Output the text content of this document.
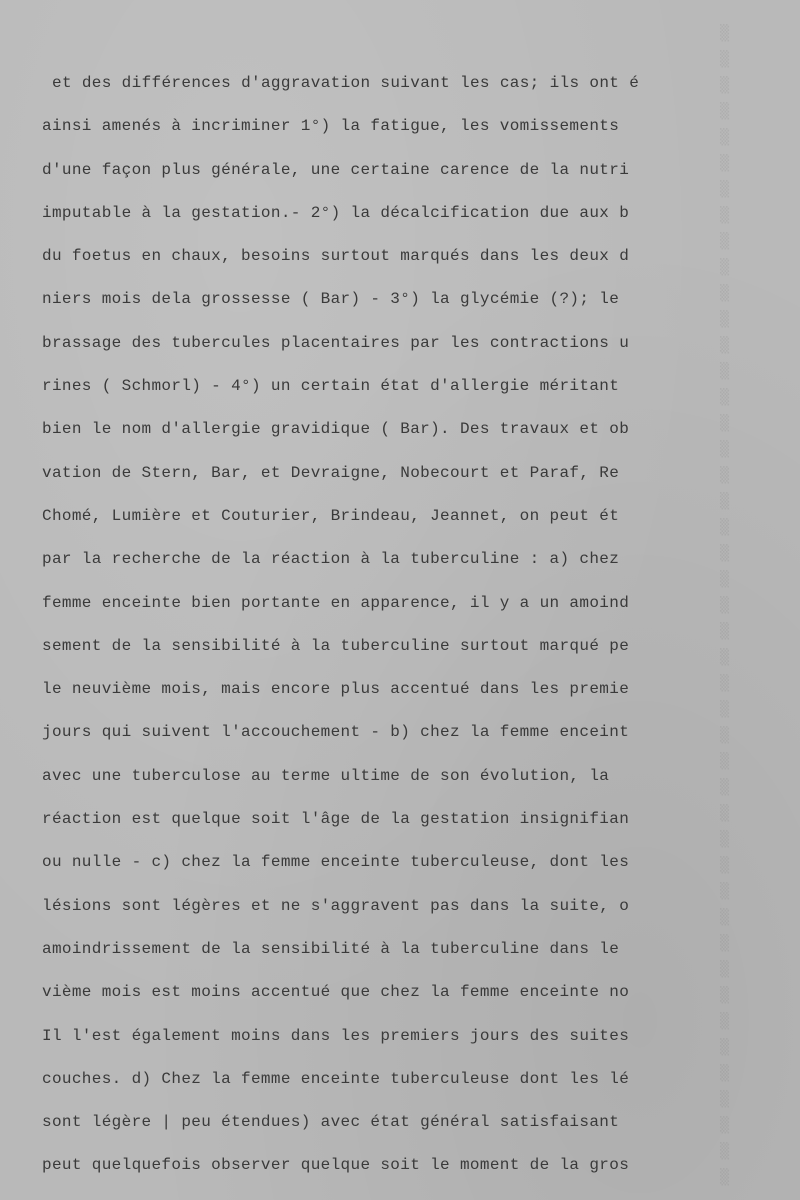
▒
▒
▒
▒
▒
▒
▒
▒
▒
▒
▒
▒
▒
▒
▒
▒
▒
▒
▒
▒
▒
▒
▒
▒
▒
▒
▒
▒
▒
▒
▒
▒
▒
▒
▒
▒
▒
▒
▒
▒
▒
▒
▒
▒
▒

et des différences d'aggravation suivant les cas; ils ont é
ainsi amenés à incriminer 1°) la fatigue, les vomissements
d'une façon plus générale, une certaine carence de la nutri
imputable à la gestation.- 2°) la décalcification due aux b
du foetus en chaux, besoins surtout marqués dans les deux d
niers mois dela grossesse ( Bar) - 3°) la glycémie (?); le
brassage des tubercules placentaires par les contractions u
rines ( Schmorl) - 4°) un certain état d'allergie méritant
bien le nom d'allergie gravidique ( Bar). Des travaux et ob
vation de Stern, Bar, et Devraigne, Nobecourt et Paraf, Re
Chomé, Lumière et Couturier, Brindeau, Jeannet, on peut ét
par la recherche de la réaction à la tuberculine : a) chez
femme enceinte bien portante en apparence, il y a un amoind
sement de la sensibilité à la tuberculine surtout marqué pe
le neuvième mois, mais encore plus accentué dans les premie
jours qui suivent l'accouchement - b) chez la femme enceint
avec une tuberculose au terme ultime de son évolution, la
réaction est quelque soit l'âge de la gestation insignifian
ou nulle - c) chez la femme enceinte tuberculeuse, dont les
lésions sont légères et ne s'aggravent pas dans la suite, o
amoindrissement de la sensibilité à la tuberculine dans le
vième mois est moins accentué que chez la femme enceinte no
Il l'est également moins dans les premiers jours des suites
couches. d) Chez la femme enceinte tuberculeuse dont les lé
sont légère | peu étendues) avec état général satisfaisant
peut quelquefois observer quelque soit le moment de la gros
